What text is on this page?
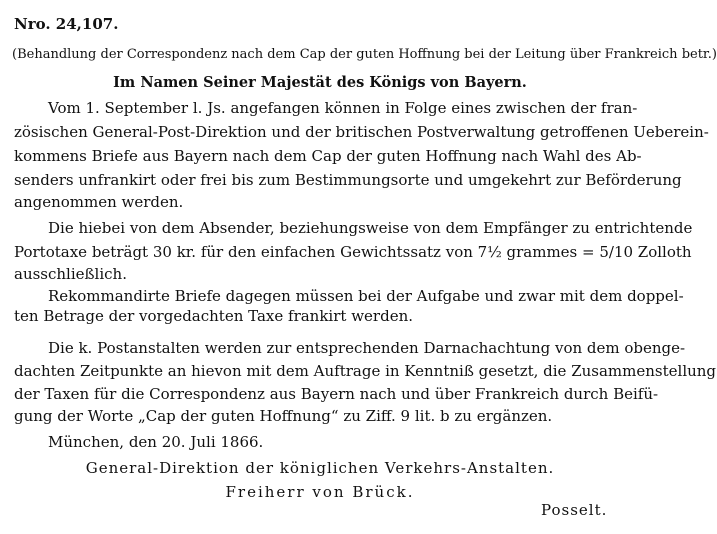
Nro. 24,107.
(Behandlung der Correspondenz nach dem Cap der guten Hoffnung bei der Leitung über Frankreich betr.)
Im Namen Seiner Majestät des Königs von Bayern.
Vom 1. September l. Js. angefangen können in Folge eines zwischen der fran-
zösischen General-Post-Direktion und der britischen Postverwaltung getroffenen Ueberein-
kommens Briefe aus Bayern nach dem Cap der guten Hoffnung nach Wahl des Ab-
senders unfrankirt oder frei bis zum Bestimmungsorte und umgekehrt zur Beförderung
angenommen werden.
Die hiebei von dem Absender, beziehungsweise von dem Empfänger zu entrichtende
Portotaxe beträgt 30 kr. für den einfachen Gewichtssatz von 7½ grammes = 5/10 Zolloth
ausschließlich.
Rekommandirte Briefe dagegen müssen bei der Aufgabe und zwar mit dem doppel-
ten Betrage der vorgedachten Taxe frankirt werden.
Die k. Postanstalten werden zur entsprechenden Darnachachtung von dem obenge-
dachten Zeitpunkte an hievon mit dem Auftrage in Kenntniß gesetzt, die Zusammenstellung
der Taxen für die Correspondenz aus Bayern nach und über Frankreich durch Beifü-
gung der Worte „Cap der guten Hoffnung“ zu Ziff. 9 lit. b zu ergänzen.
München, den 20. Juli 1866.
General-Direktion der königlichen Verkehrs-Anstalten.
Freiherr von Brück.
Posselt.
